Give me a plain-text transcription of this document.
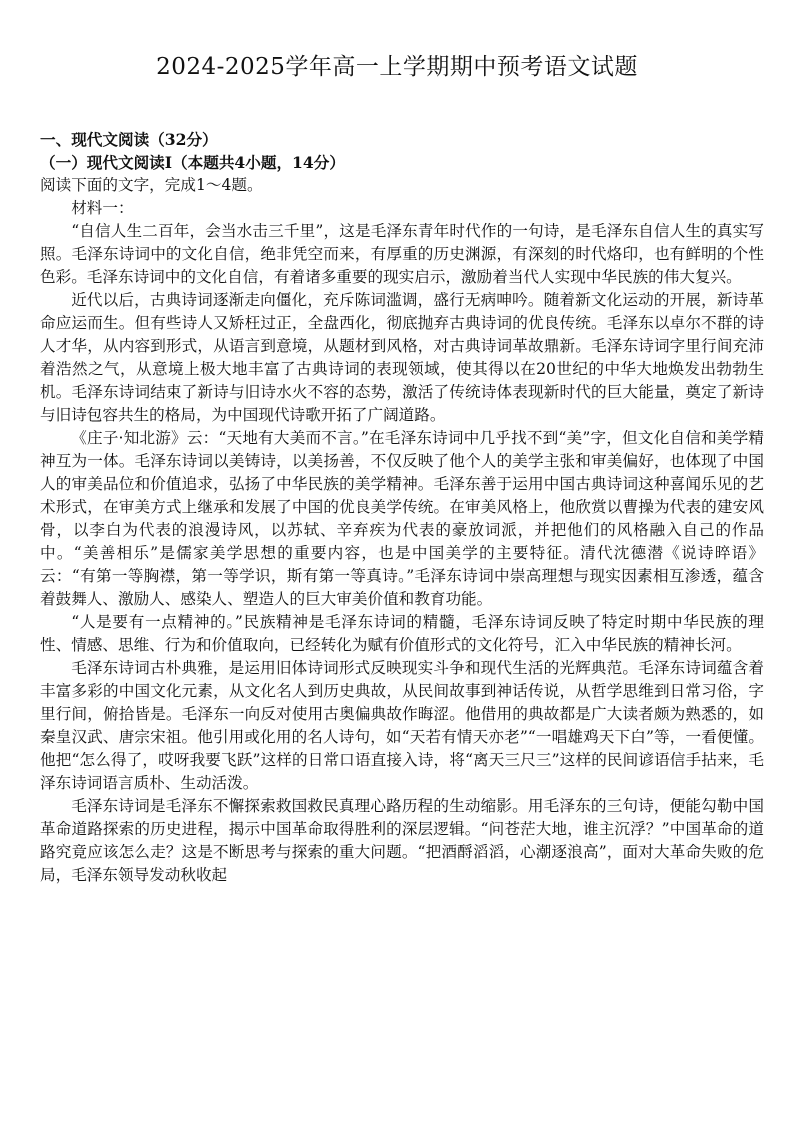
2024-2025学年高一上学期期中预考语文试题

一、现代文阅读（32分）

（一）现代文阅读Ⅰ（本题共4小题，14分）

阅读下面的文字，完成1～4题。

材料一：

“自信人生二百年，会当水击三千里”，这是毛泽东青年时代作的一句诗，是毛泽东自信人生的真实写照。毛泽东诗词中的文化自信，绝非凭空而来，有厚重的历史渊源，有深刻的时代烙印，也有鲜明的个性色彩。毛泽东诗词中的文化自信，有着诸多重要的现实启示，激励着当代人实现中华民族的伟大复兴。

近代以后，古典诗词逐渐走向僵化，充斥陈词滥调，盛行无病呻吟。随着新文化运动的开展，新诗革命应运而生。但有些诗人又矫枉过正，全盘西化，彻底抛弃古典诗词的优良传统。毛泽东以卓尔不群的诗人才华，从内容到形式，从语言到意境，从题材到风格，对古典诗词革故鼎新。毛泽东诗词字里行间充沛着浩然之气，从意境上极大地丰富了古典诗词的表现领域，使其得以在20世纪的中华大地焕发出勃勃生机。毛泽东诗词结束了新诗与旧诗水火不容的态势，激活了传统诗体表现新时代的巨大能量，奠定了新诗与旧诗包容共生的格局，为中国现代诗歌开拓了广阔道路。

《庄子·知北游》云：“天地有大美而不言。”在毛泽东诗词中几乎找不到“美”字，但文化自信和美学精神互为一体。毛泽东诗词以美铸诗，以美扬善，不仅反映了他个人的美学主张和审美偏好，也体现了中国人的审美品位和价值追求，弘扬了中华民族的美学精神。毛泽东善于运用中国古典诗词这种喜闻乐见的艺术形式，在审美方式上继承和发展了中国的优良美学传统。在审美风格上，他欣赏以曹操为代表的建安风骨，以李白为代表的浪漫诗风，以苏轼、辛弃疾为代表的豪放词派，并把他们的风格融入自己的作品中。“美善相乐”是儒家美学思想的重要内容，也是中国美学的主要特征。清代沈德潜《说诗晬语》云：“有第一等胸襟，第一等学识，斯有第一等真诗。”毛泽东诗词中崇高理想与现实因素相互渗透，蕴含着鼓舞人、激励人、感染人、塑造人的巨大审美价值和教育功能。

“人是要有一点精神的。”民族精神是毛泽东诗词的精髓，毛泽东诗词反映了特定时期中华民族的理性、情感、思维、行为和价值取向，已经转化为赋有价值形式的文化符号，汇入中华民族的精神长河。

毛泽东诗词古朴典雅，是运用旧体诗词形式反映现实斗争和现代生活的光辉典范。毛泽东诗词蕴含着丰富多彩的中国文化元素，从文化名人到历史典故，从民间故事到神话传说，从哲学思维到日常习俗，字里行间，俯拾皆是。毛泽东一向反对使用古奥偏典故作晦涩。他借用的典故都是广大读者颇为熟悉的，如秦皇汉武、唐宗宋祖。他引用或化用的名人诗句，如“天若有情天亦老”“一唱雄鸡天下白”等，一看便懂。他把“怎么得了，哎呀我要飞跃”这样的日常口语直接入诗，将“离天三尺三”这样的民间谚语信手拈来，毛泽东诗词语言质朴、生动活泼。

毛泽东诗词是毛泽东不懈探索救国救民真理心路历程的生动缩影。用毛泽东的三句诗，便能勾勒中国革命道路探索的历史进程，揭示中国革命取得胜利的深层逻辑。“问苍茫大地，谁主沉浮？”中国革命的道路究竟应该怎么走？这是不断思考与探索的重大问题。“把酒酹滔滔，心潮逐浪高”，面对大革命失败的危局，毛泽东领导发动秋收起
